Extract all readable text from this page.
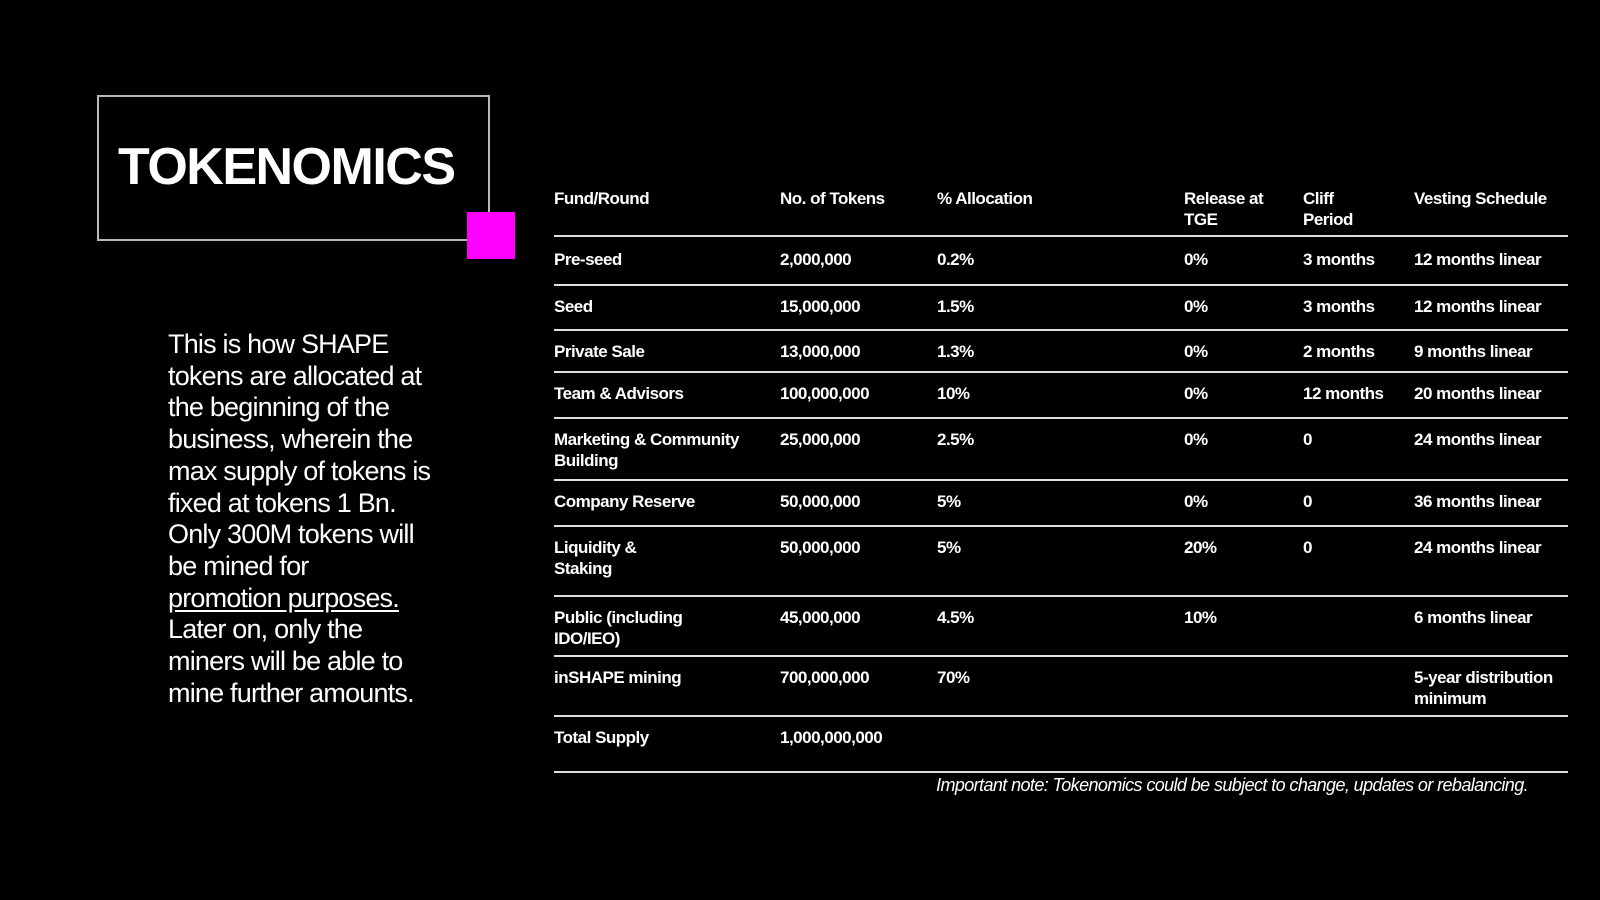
TOKENOMICS
This is how SHAPE
tokens are allocated at
the beginning of the
business, wherein the
max supply of tokens is
fixed at tokens 1 Bn.
Only 300M tokens will
be mined for
promotion purposes.
Later on, only the
miners will be able to
mine further amounts.
Fund/Round	No. of Tokens	% Allocation	Release at TGE	Cliff Period	Vesting Schedule
Pre-seed	2,000,000	0.2%	0%	3 months	12 months linear
Seed	15,000,000	1.5%	0%	3 months	12 months linear
Private Sale	13,000,000	1.3%	0%	2 months	9 months linear
Team & Advisors	100,000,000	10%	0%	12 months	20 months linear
Marketing & Community Building	25,000,000	2.5%	0%	0	24 months linear
Company Reserve	50,000,000	5%	0%	0	36 months linear
Liquidity & Staking	50,000,000	5%	20%	0	24 months linear
Public (including IDO/IEO)	45,000,000	4.5%	10%		6 months linear
inSHAPE mining	700,000,000	70%			5-year distribution minimum
Total Supply	1,000,000,000				
Important note: Tokenomics could be subject to change, updates or rebalancing.
